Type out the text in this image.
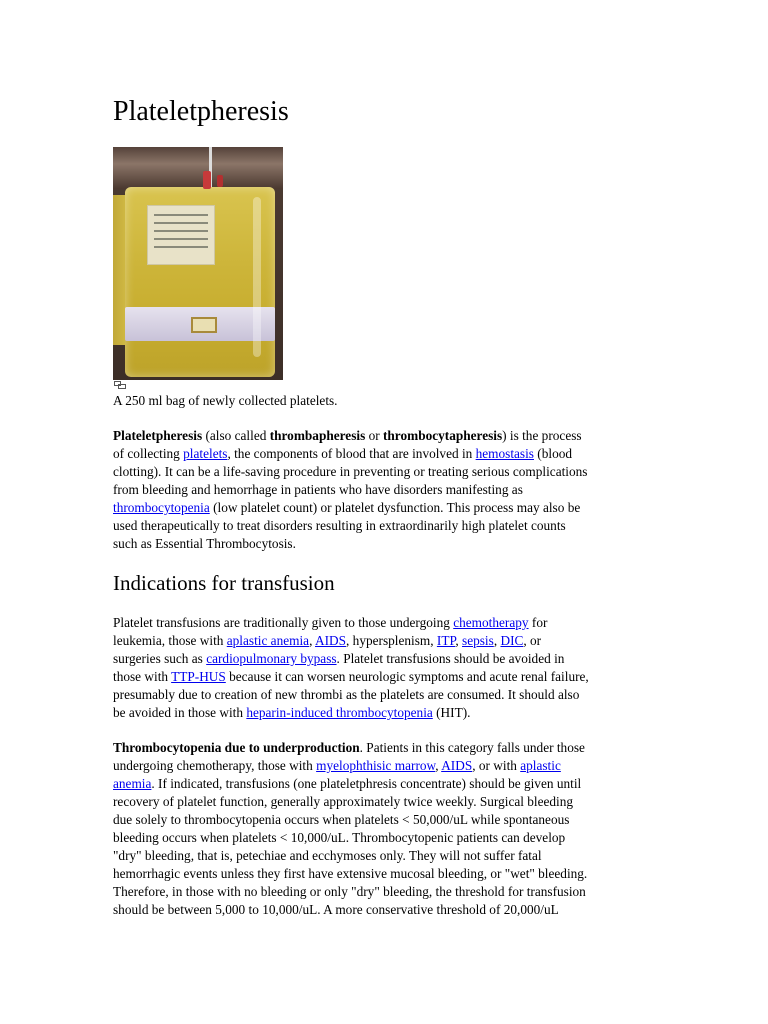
Plateletpheresis
A 250 ml bag of newly collected platelets.

Plateletpheresis (also called thrombapheresis or thrombocytapheresis) is the process
of collecting platelets, the components of blood that are involved in hemostasis (blood
clotting). It can be a life-saving procedure in preventing or treating serious complications
from bleeding and hemorrhage in patients who have disorders manifesting as
thrombocytopenia (low platelet count) or platelet dysfunction. This process may also be
used therapeutically to treat disorders resulting in extraordinarily high platelet counts
such as Essential Thrombocytosis.

Indications for transfusion

Platelet transfusions are traditionally given to those undergoing chemotherapy for
leukemia, those with aplastic anemia, AIDS, hypersplenism, ITP, sepsis, DIC, or
surgeries such as cardiopulmonary bypass. Platelet transfusions should be avoided in
those with TTP-HUS because it can worsen neurologic symptoms and acute renal failure,
presumably due to creation of new thrombi as the platelets are consumed. It should also
be avoided in those with heparin-induced thrombocytopenia (HIT).

Thrombocytopenia due to underproduction. Patients in this category falls under those
undergoing chemotherapy, those with myelophthisic marrow, AIDS, or with aplastic
anemia. If indicated, transfusions (one plateletphresis concentrate) should be given until
recovery of platelet function, generally approximately twice weekly. Surgical bleeding
due solely to thrombocytopenia occurs when platelets < 50,000/uL while spontaneous
bleeding occurs when platelets < 10,000/uL. Thrombocytopenic patients can develop
"dry" bleeding, that is, petechiae and ecchymoses only. They will not suffer fatal
hemorrhagic events unless they first have extensive mucosal bleeding, or "wet" bleeding.
Therefore, in those with no bleeding or only "dry" bleeding, the threshold for transfusion
should be between 5,000 to 10,000/uL. A more conservative threshold of 20,000/uL
